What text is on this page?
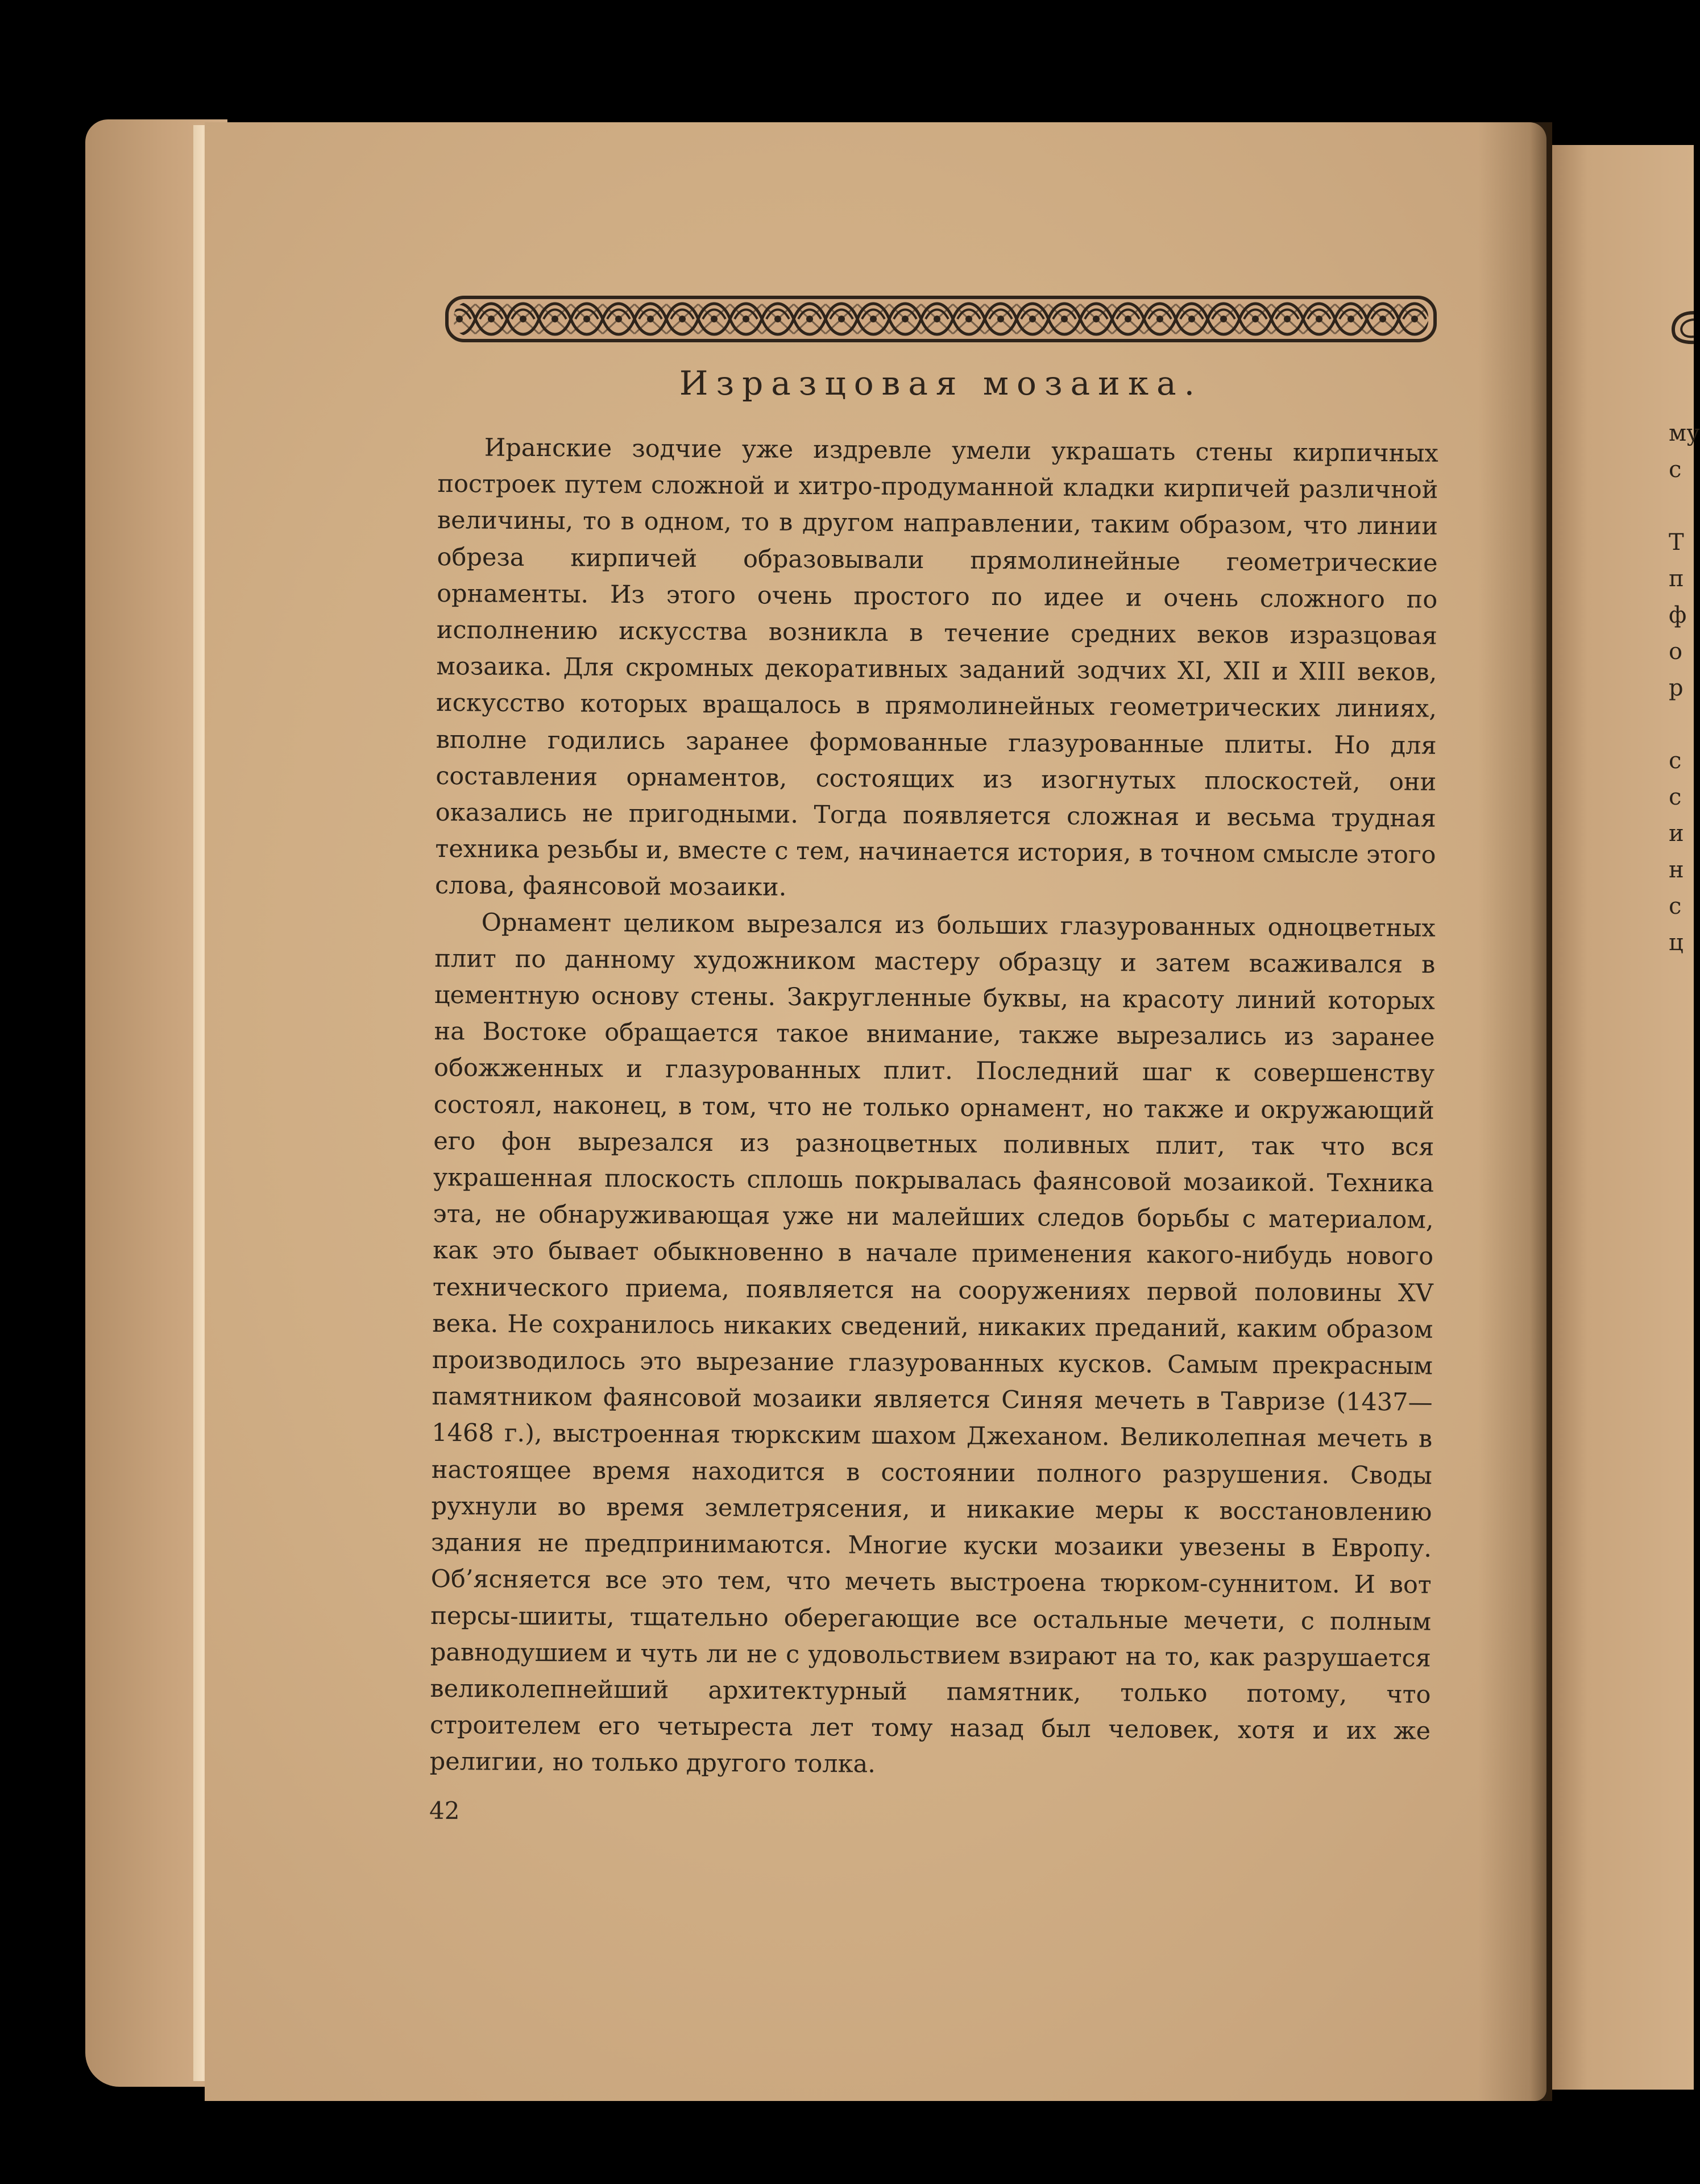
Изразцовая мозаика.

Иранские зодчие уже издревле умели украшать стены кирпичных построек путем сложной и хитро-продуманной кладки кирпичей различной величины, то в одном, то в другом направлении, таким образом, что линии обреза кирпичей образовывали прямолинейные геометрические орнаменты. Из этого очень простого по идее и очень сложного по исполнению искусства возникла в течение средних веков изразцовая мозаика. Для скромных декоративных заданий зодчих XI, XII и XIII веков, искусство которых вращалось в прямолинейных геометрических линиях, вполне годились заранее формованные глазурованные плиты. Но для составления орнаментов, состоящих из изогнутых плоскостей, они оказались не пригодными. Тогда появляется сложная и весьма трудная техника резьбы и, вместе с тем, начинается история, в точном смысле этого слова, фаянсовой мозаики.

Орнамент целиком вырезался из больших глазурованных одноцветных плит по данному художником мастеру образцу и затем всаживался в цементную основу стены. Закругленные буквы, на красоту линий которых на Востоке обращается такое внимание, также вырезались из заранее обожженных и глазурованных плит. Последний шаг к совершенству состоял, наконец, в том, что не только орнамент, но также и окружающий его фон вырезался из разноцветных поливных плит, так что вся украшенная плоскость сплошь покрывалась фаянсовой мозаикой. Техника эта, не обнаруживающая уже ни малейших следов борьбы с материалом, как это бывает обыкновенно в начале применения какого-нибудь нового технического приема, появляется на сооружениях первой половины XV века. Не сохранилось никаких сведений, никаких преданий, каким образом производилось это вырезание глазурованных кусков. Самым прекрасным памятником фаянсовой мозаики является Синяя мечеть в Тавризе (1437—1468 г.), выстроенная тюркским шахом Джеханом. Великолепная мечеть в настоящее время находится в состоянии полного разрушения. Своды рухнули во время землетрясения, и никакие меры к восстановлению здания не предпринимаются. Многие куски мозаики увезены в Европу. Об’ясняется все это тем, что мечеть выстроена тюрком-суннитом. И вот персы-шииты, тщательно оберегающие все остальные мечети, с полным равнодушием и чуть ли не с удовольствием взирают на то, как разрушается великолепнейший архитектурный памятник, только потому, что строителем его четыреста лет тому назад был человек, хотя и их же религии, но только другого толка.

42
му
с
Т
п
ф
о
р
с
с
и
н
с
ц
